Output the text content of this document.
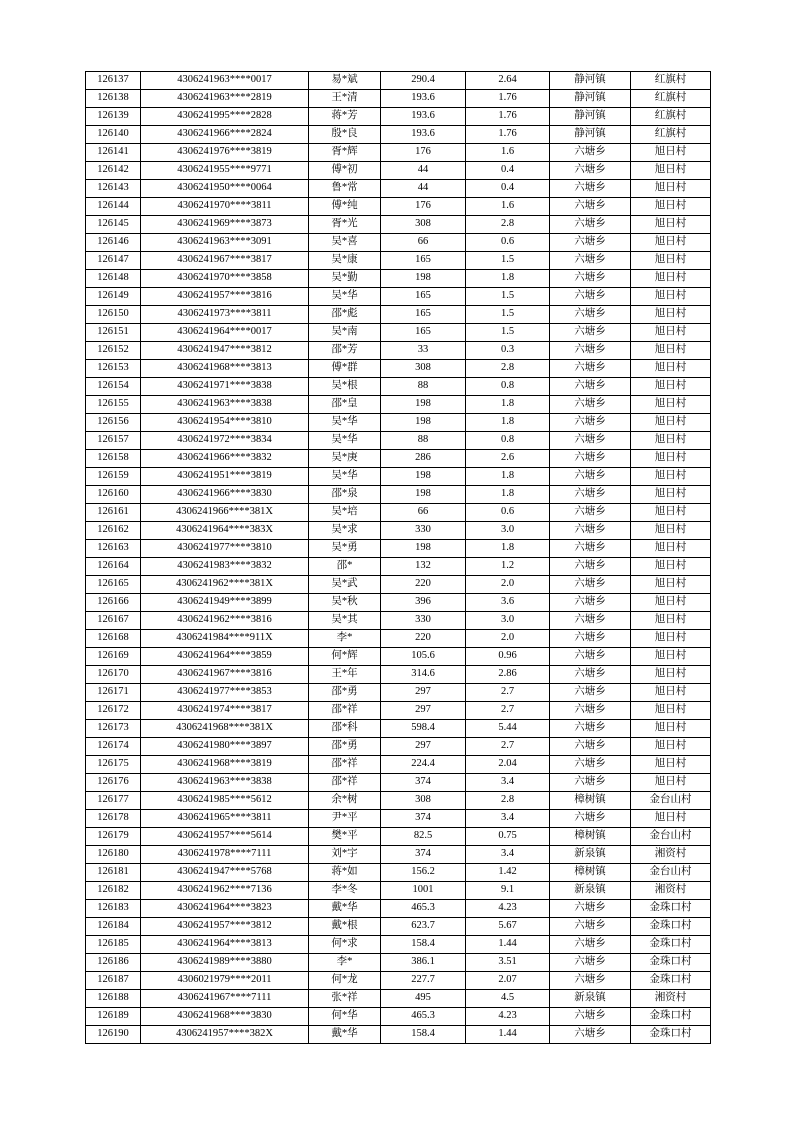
126137	4306241963****0017	易*斌	290.4	2.64	静河镇	红旗村
126138	4306241963****2819	王*清	193.6	1.76	静河镇	红旗村
126139	4306241995****2828	蒋*芳	193.6	1.76	静河镇	红旗村
126140	4306241966****2824	殷*良	193.6	1.76	静河镇	红旗村
126141	4306241976****3819	胥*辉	176	1.6	六塘乡	旭日村
126142	4306241955****9771	傅*初	44	0.4	六塘乡	旭日村
126143	4306241950****0064	鲁*常	44	0.4	六塘乡	旭日村
126144	4306241970****3811	傅*纯	176	1.6	六塘乡	旭日村
126145	4306241969****3873	胥*光	308	2.8	六塘乡	旭日村
126146	4306241963****3091	吴*喜	66	0.6	六塘乡	旭日村
126147	4306241967****3817	吴*康	165	1.5	六塘乡	旭日村
126148	4306241970****3858	吴*勤	198	1.8	六塘乡	旭日村
126149	4306241957****3816	吴*华	165	1.5	六塘乡	旭日村
126150	4306241973****3811	邵*彪	165	1.5	六塘乡	旭日村
126151	4306241964****0017	吴*南	165	1.5	六塘乡	旭日村
126152	4306241947****3812	邵*芳	33	0.3	六塘乡	旭日村
126153	4306241968****3813	傅*群	308	2.8	六塘乡	旭日村
126154	4306241971****3838	吴*根	88	0.8	六塘乡	旭日村
126155	4306241963****3838	邵*皇	198	1.8	六塘乡	旭日村
126156	4306241954****3810	吴*华	198	1.8	六塘乡	旭日村
126157	4306241972****3834	吴*华	88	0.8	六塘乡	旭日村
126158	4306241966****3832	吴*庚	286	2.6	六塘乡	旭日村
126159	4306241951****3819	吴*华	198	1.8	六塘乡	旭日村
126160	4306241966****3830	邵*泉	198	1.8	六塘乡	旭日村
126161	4306241966****381X	吴*培	66	0.6	六塘乡	旭日村
126162	4306241964****383X	吴*求	330	3.0	六塘乡	旭日村
126163	4306241977****3810	吴*勇	198	1.8	六塘乡	旭日村
126164	4306241983****3832	邵*	132	1.2	六塘乡	旭日村
126165	4306241962****381X	吴*武	220	2.0	六塘乡	旭日村
126166	4306241949****3899	吴*秋	396	3.6	六塘乡	旭日村
126167	4306241962****3816	吴*其	330	3.0	六塘乡	旭日村
126168	4306241984****911X	李*	220	2.0	六塘乡	旭日村
126169	4306241964****3859	何*辉	105.6	0.96	六塘乡	旭日村
126170	4306241967****3816	王*年	314.6	2.86	六塘乡	旭日村
126171	4306241977****3853	邵*勇	297	2.7	六塘乡	旭日村
126172	4306241974****3817	邵*祥	297	2.7	六塘乡	旭日村
126173	4306241968****381X	邵*科	598.4	5.44	六塘乡	旭日村
126174	4306241980****3897	邵*勇	297	2.7	六塘乡	旭日村
126175	4306241968****3819	邵*祥	224.4	2.04	六塘乡	旭日村
126176	4306241963****3838	邵*祥	374	3.4	六塘乡	旭日村
126177	4306241985****5612	余*树	308	2.8	樟树镇	金台山村
126178	4306241965****3811	尹*平	374	3.4	六塘乡	旭日村
126179	4306241957****5614	樊*平	82.5	0.75	樟树镇	金台山村
126180	4306241978****7111	刘*宇	374	3.4	新泉镇	湘资村
126181	4306241947****5768	蒋*如	156.2	1.42	樟树镇	金台山村
126182	4306241962****7136	李*冬	1001	9.1	新泉镇	湘资村
126183	4306241964****3823	戴*华	465.3	4.23	六塘乡	金珠口村
126184	4306241957****3812	戴*根	623.7	5.67	六塘乡	金珠口村
126185	4306241964****3813	何*求	158.4	1.44	六塘乡	金珠口村
126186	4306241989****3880	李*	386.1	3.51	六塘乡	金珠口村
126187	4306021979****2011	何*龙	227.7	2.07	六塘乡	金珠口村
126188	4306241967****7111	张*祥	495	4.5	新泉镇	湘资村
126189	4306241968****3830	何*华	465.3	4.23	六塘乡	金珠口村
126190	4306241957****382X	戴*华	158.4	1.44	六塘乡	金珠口村
